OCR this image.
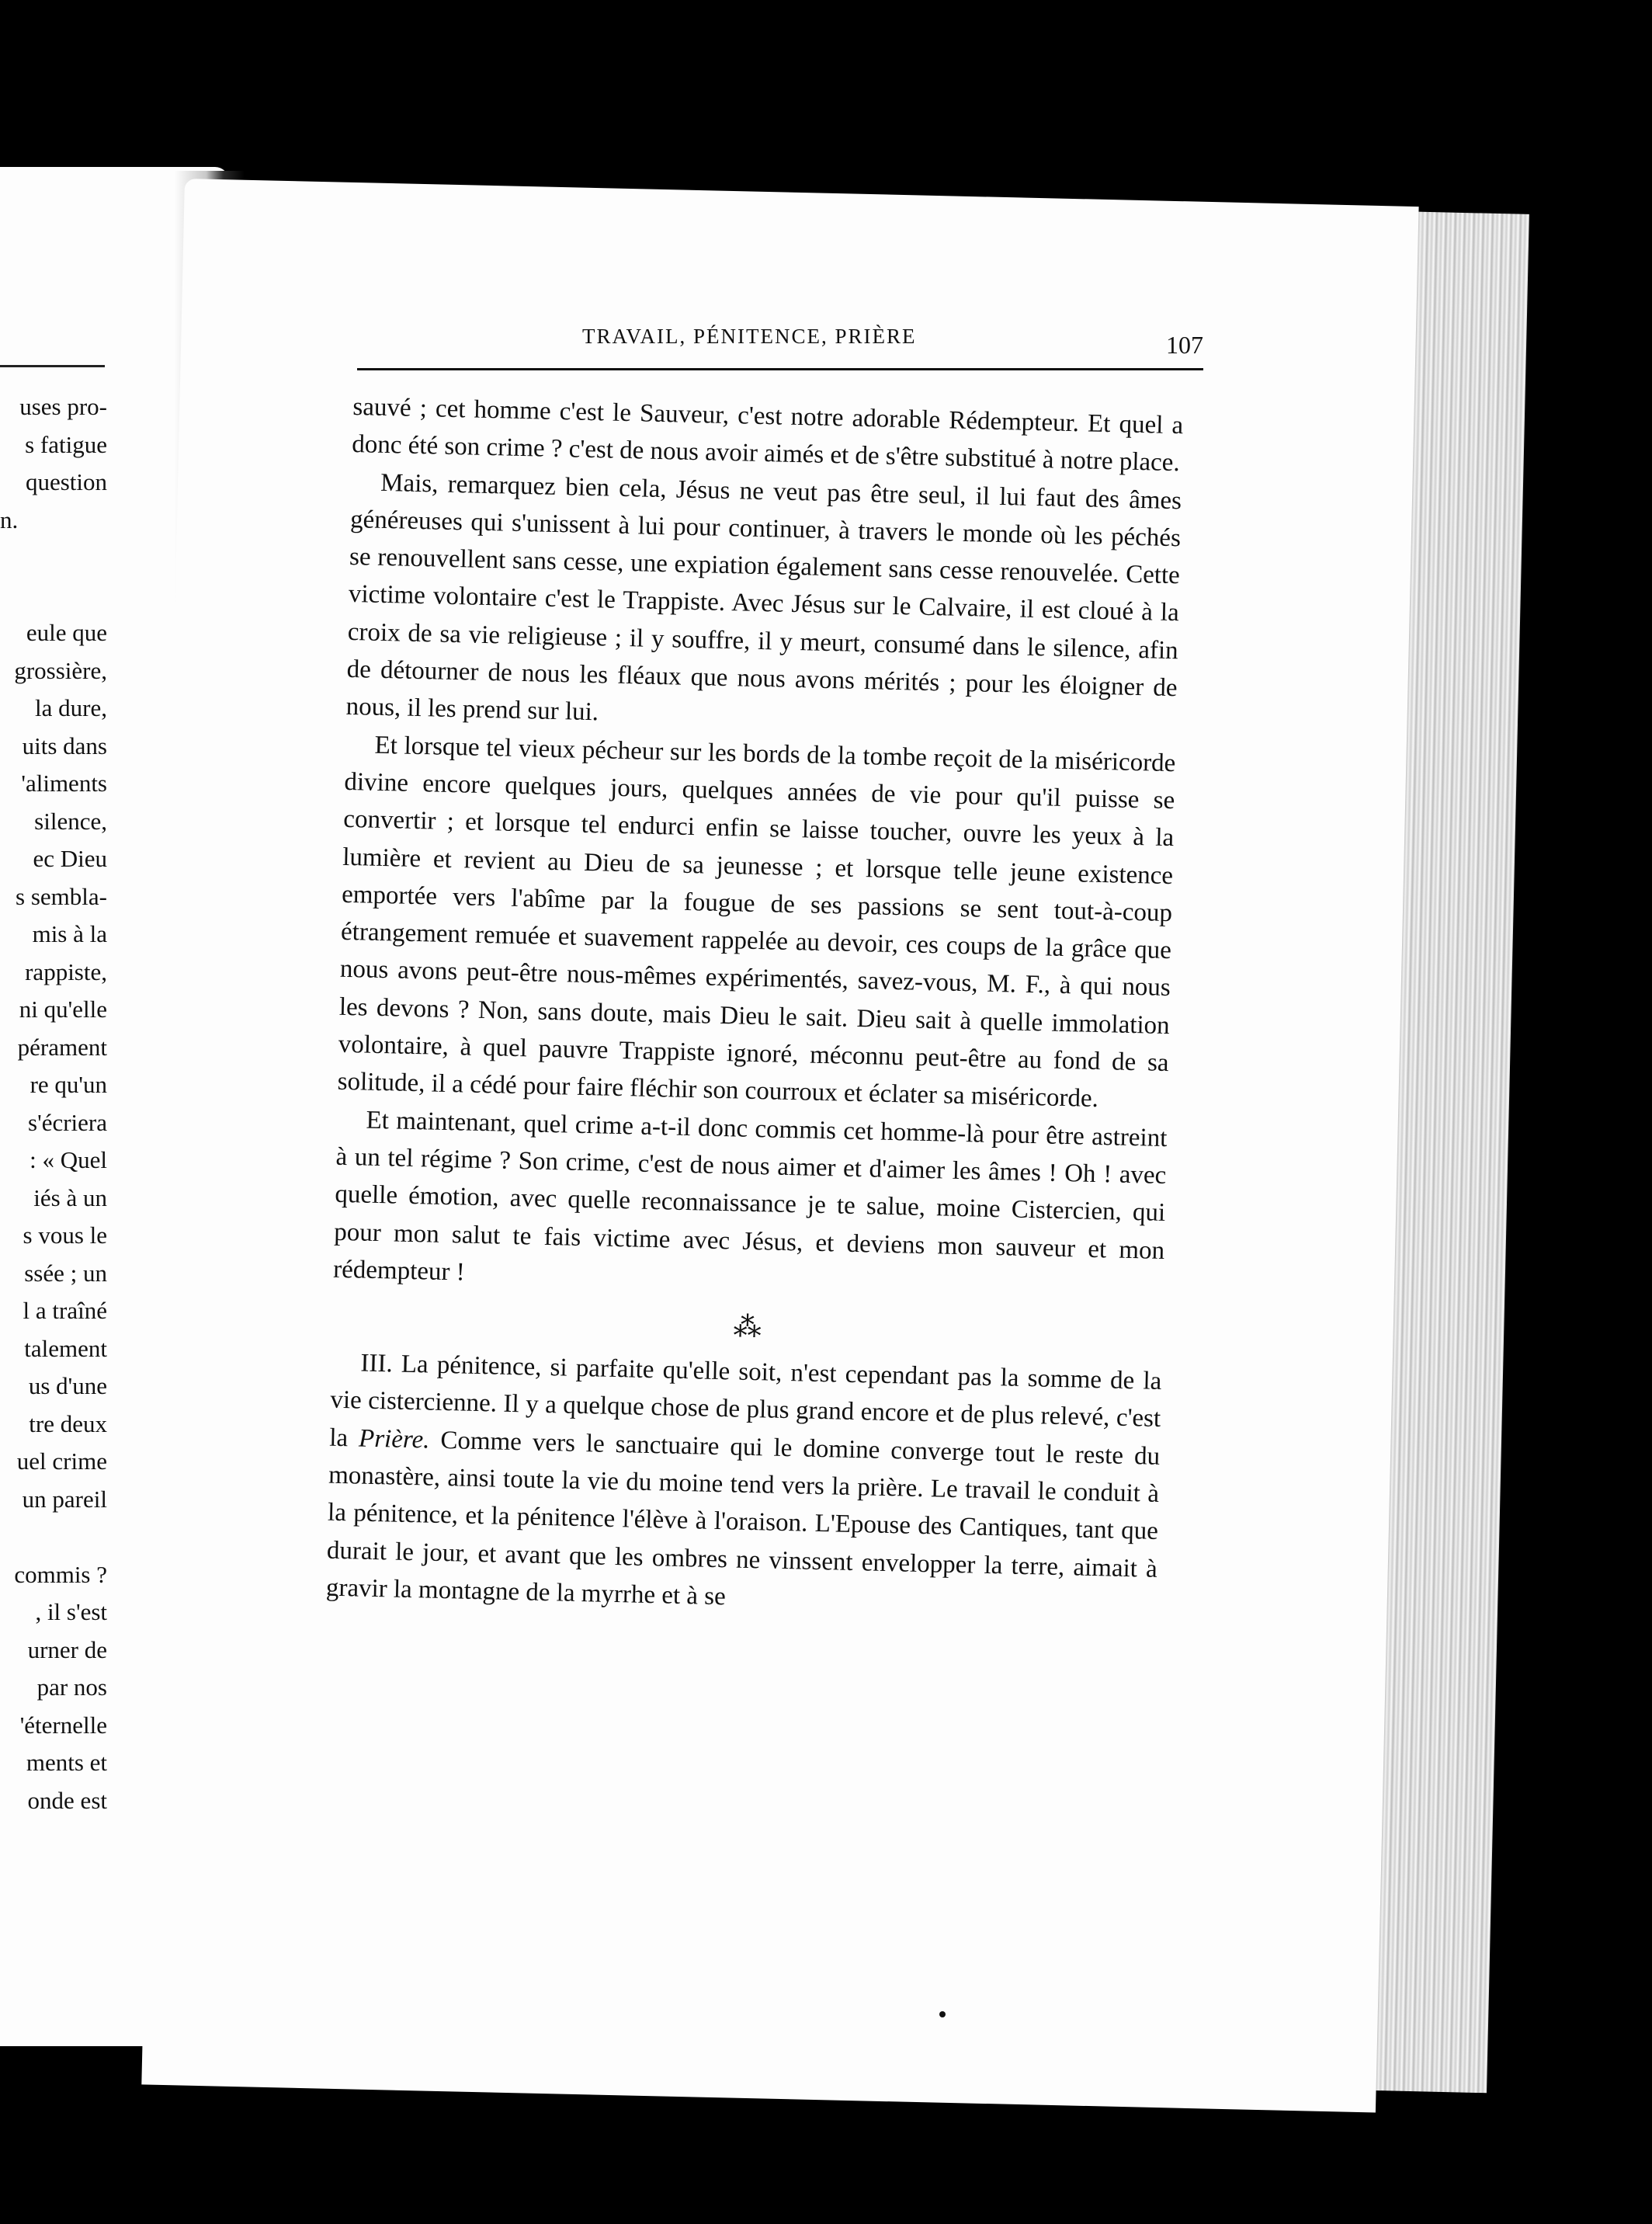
uses pro-
s fatigue
question
n.

eule que
grossière,
la dure,
uits dans
'aliments
silence,
ec Dieu
s sembla-
mis à la
rappiste,
ni qu'elle
pérament
re qu'un
s'écriera
: « Quel
iés à un
s vous le
ssée ; un
l a traîné
talement
us d'une
tre deux
uel crime
un pareil

commis ?
, il s'est
urner de
par nos
'éternelle
ments et
onde est
TRAVAIL, PÉNITENCE, PRIÈRE	107

sauvé ; cet homme c'est le Sauveur, c'est notre adorable Rédempteur. Et quel a donc été son crime ? c'est de nous avoir aimés et de s'être substitué à notre place.

Mais, remarquez bien cela, Jésus ne veut pas être seul, il lui faut des âmes généreuses qui s'unissent à lui pour continuer, à travers le monde où les péchés se renouvellent sans cesse, une expiation également sans cesse renouvelée. Cette victime volontaire c'est le Trappiste. Avec Jésus sur le Calvaire, il est cloué à la croix de sa vie religieuse ; il y souffre, il y meurt, consumé dans le silence, afin de détourner de nous les fléaux que nous avons mérités ; pour les éloigner de nous, il les prend sur lui.

Et lorsque tel vieux pécheur sur les bords de la tombe reçoit de la miséricorde divine encore quelques jours, quelques années de vie pour qu'il puisse se convertir ; et lorsque tel endurci enfin se laisse toucher, ouvre les yeux à la lumière et revient au Dieu de sa jeunesse ; et lorsque telle jeune existence emportée vers l'abîme par la fougue de ses passions se sent tout-à-coup étrangement remuée et suavement rappelée au devoir, ces coups de la grâce que nous avons peut-être nous-mêmes expérimentés, savez-vous, M. F., à qui nous les devons ? Non, sans doute, mais Dieu le sait. Dieu sait à quelle immolation volontaire, à quel pauvre Trappiste ignoré, méconnu peut-être au fond de sa solitude, il a cédé pour faire fléchir son courroux et éclater sa miséricorde.

Et maintenant, quel crime a-t-il donc commis cet homme-là pour être astreint à un tel régime ? Son crime, c'est de nous aimer et d'aimer les âmes ! Oh ! avec quelle émotion, avec quelle reconnaissance je te salue, moine Cistercien, qui pour mon salut te fais victime avec Jésus, et deviens mon sauveur et mon rédempteur !

⁂

III. La pénitence, si parfaite qu'elle soit, n'est cependant pas la somme de la vie cistercienne. Il y a quelque chose de plus grand encore et de plus relevé, c'est la Prière. Comme vers le sanctuaire qui le domine converge tout le reste du monastère, ainsi toute la vie du moine tend vers la prière. Le travail le conduit à la pénitence, et la pénitence l'élève à l'oraison. L'Epouse des Cantiques, tant que durait le jour, et avant que les ombres ne vinssent envelopper la terre, aimait à gravir la montagne de la myrrhe et à se
